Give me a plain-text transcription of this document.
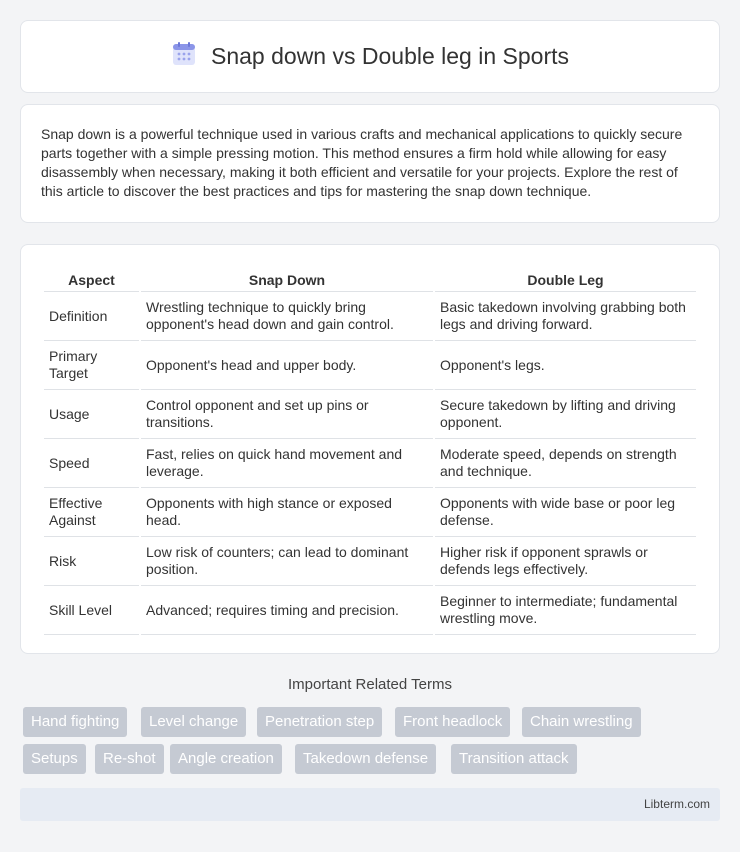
Snap down vs Double leg in Sports

Snap down is a powerful technique used in various crafts and mechanical applications to quickly secure parts together with a simple pressing motion. This method ensures a firm hold while allowing for easy disassembly when necessary, making it both efficient and versatile for your projects. Explore the rest of this article to discover the best practices and tips for mastering the snap down technique.

Aspect	Snap Down	Double Leg
Definition	Wrestling technique to quickly bring opponent's head down and gain control.	Basic takedown involving grabbing both legs and driving forward.
Primary Target	Opponent's head and upper body.	Opponent's legs.
Usage	Control opponent and set up pins or transitions.	Secure takedown by lifting and driving opponent.
Speed	Fast, relies on quick hand movement and leverage.	Moderate speed, depends on strength and technique.
Effective Against	Opponents with high stance or exposed head.	Opponents with wide base or poor leg defense.
Risk	Low risk of counters; can lead to dominant position.	Higher risk if opponent sprawls or defends legs effectively.
Skill Level	Advanced; requires timing and precision.	Beginner to intermediate; fundamental wrestling move.
Important Related Terms
Hand fighting	Level change	Penetration step	Front headlock	Chain wrestling
Setups	Re-shot	Angle creation	Takedown defense	Transition attack
Libterm.com
